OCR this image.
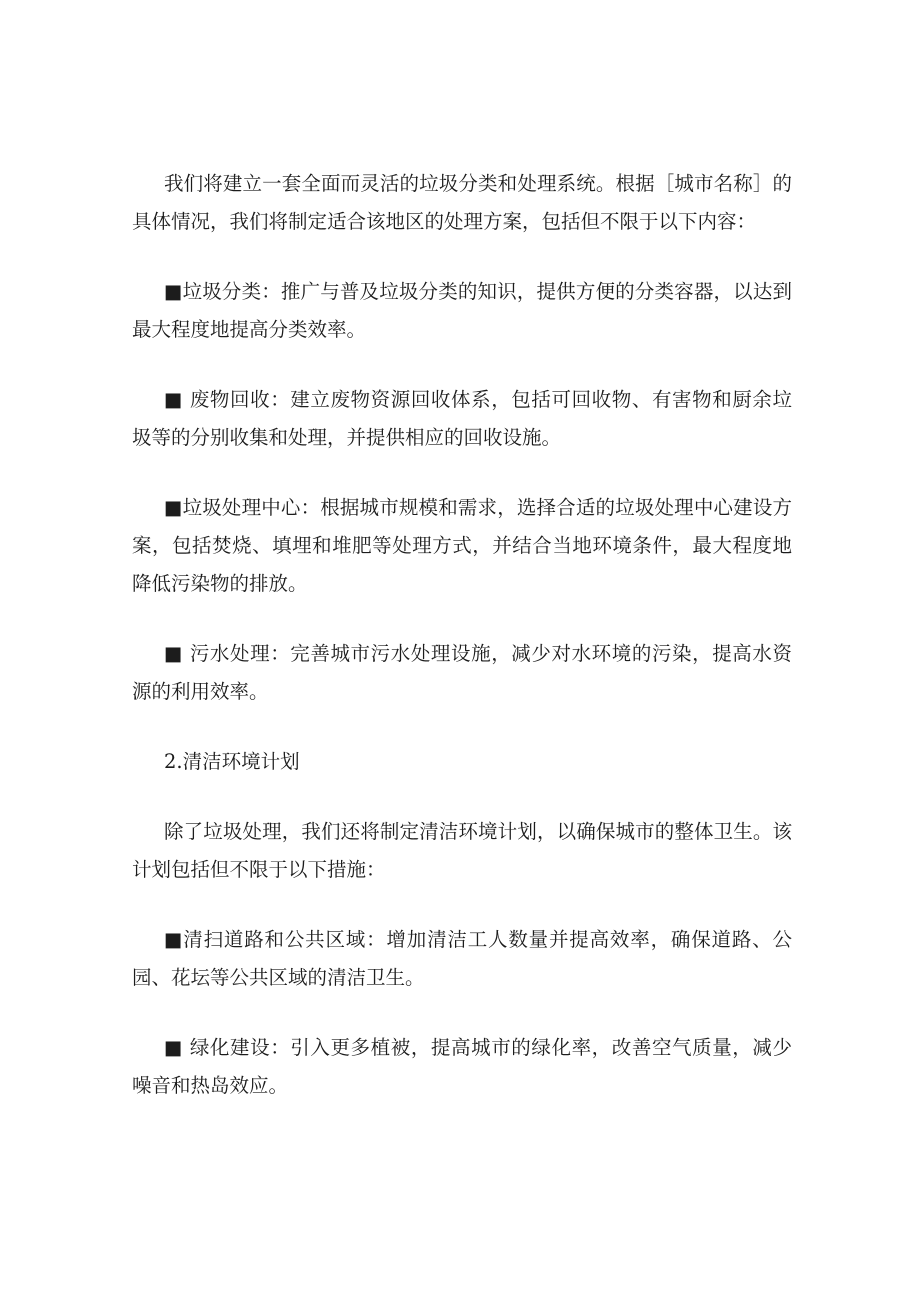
我们将建立一套全面而灵活的垃圾分类和处理系统。根据［城市名称］的具体情况，我们将制定适合该地区的处理方案，包括但不限于以下内容：

■垃圾分类：推广与普及垃圾分类的知识，提供方便的分类容器，以达到最大程度地提高分类效率。

■ 废物回收：建立废物资源回收体系，包括可回收物、有害物和厨余垃圾等的分别收集和处理，并提供相应的回收设施。

■垃圾处理中心：根据城市规模和需求，选择合适的垃圾处理中心建设方案，包括焚烧、填埋和堆肥等处理方式，并结合当地环境条件，最大程度地降低污染物的排放。

■ 污水处理：完善城市污水处理设施，减少对水环境的污染，提高水资源的利用效率。

2.清洁环境计划

除了垃圾处理，我们还将制定清洁环境计划，以确保城市的整体卫生。该计划包括但不限于以下措施：

■清扫道路和公共区域：增加清洁工人数量并提高效率，确保道路、公园、花坛等公共区域的清洁卫生。

■ 绿化建设：引入更多植被，提高城市的绿化率，改善空气质量，减少噪音和热岛效应。
